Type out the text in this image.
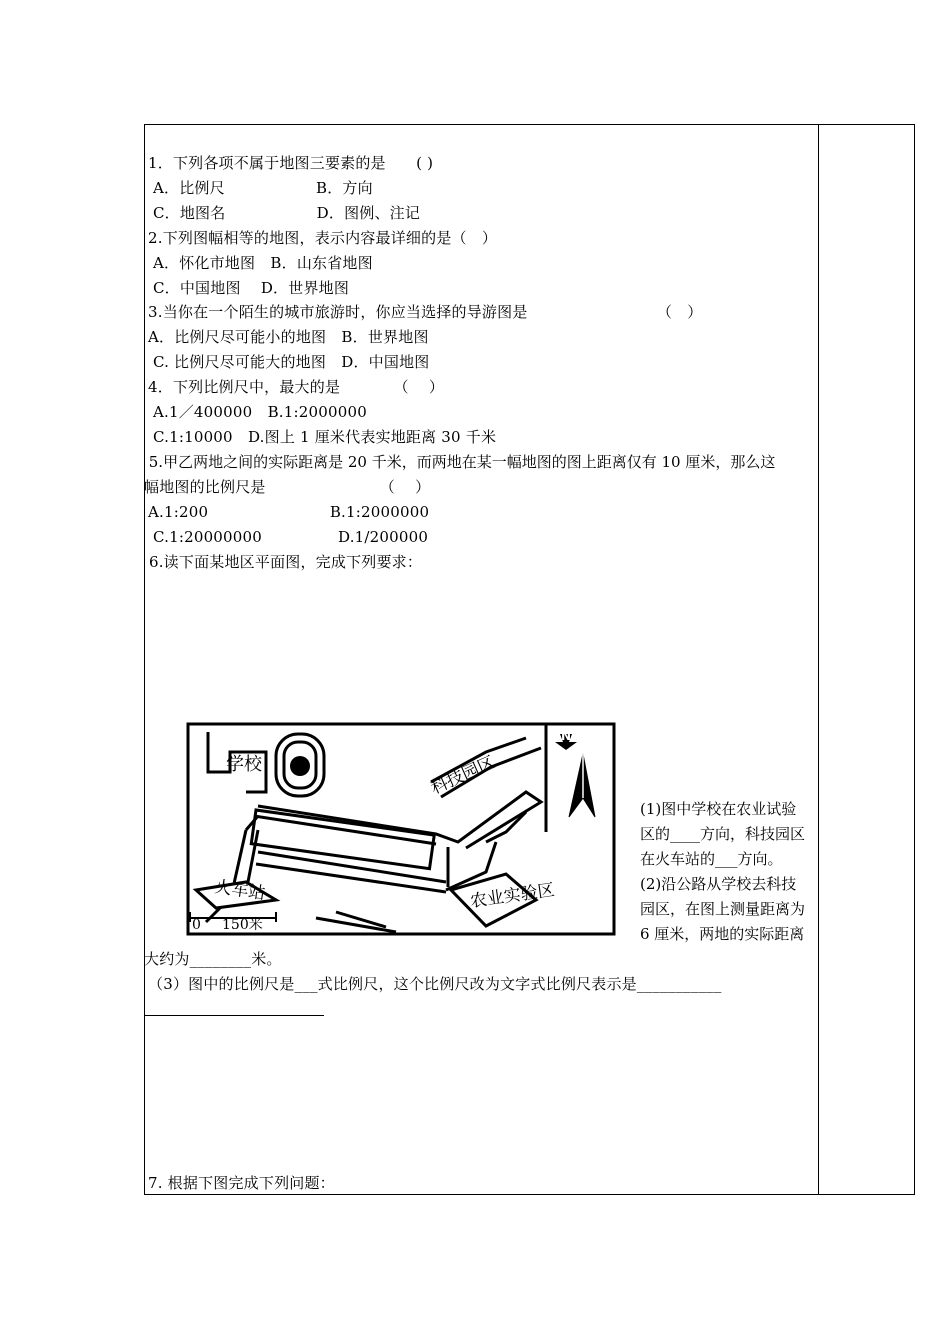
1．下列各项不属于地图三要素的是　　( )
A．比例尺　　　　　　B．方向
C．地图名　　　　　　D．图例、注记
2.下列图幅相等的地图，表示内容最详细的是（　）
A．怀化市地图　B．山东省地图
C．中国地图　 D．世界地图
3.当你在一个陌生的城市旅游时，你应当选择的导游图是　　　　　　　　　（　）
A．比例尺尽可能小的地图　B．世界地图
C. 比例尺尽可能大的地图　D．中国地图
4．下列比例尺中，最大的是　　　　（　 ）
A.1／400000　B.1:2000000
C.1:10000　D.图上 1 厘米代表实地距离 30 千米
5.甲乙两地之间的实际距离是 20 千米，而两地在某一幅地图的图上距离仅有 10 厘米，那么这
幅地图的比例尺是　　　　　　　　（　 ）
A.1:200　　　　　　　　B.1:2000000
C.1:20000000　　　　　D.1/200000
6.读下面某地区平面图，完成下列要求：
N
学校	科技园区
火车站	农业实验区
0 150米

(1)图中学校在农业试验

区的____方向，科技园区

在火车站的___方向。

(2)沿公路从学校去科技

园区，在图上测量距离为

6 厘米，两地的实际距离

大约为________米。
（3）图中的比例尺是___式比例尺，这个比例尺改为文字式比例尺表示是___________
7. 根据下图完成下列问题：
